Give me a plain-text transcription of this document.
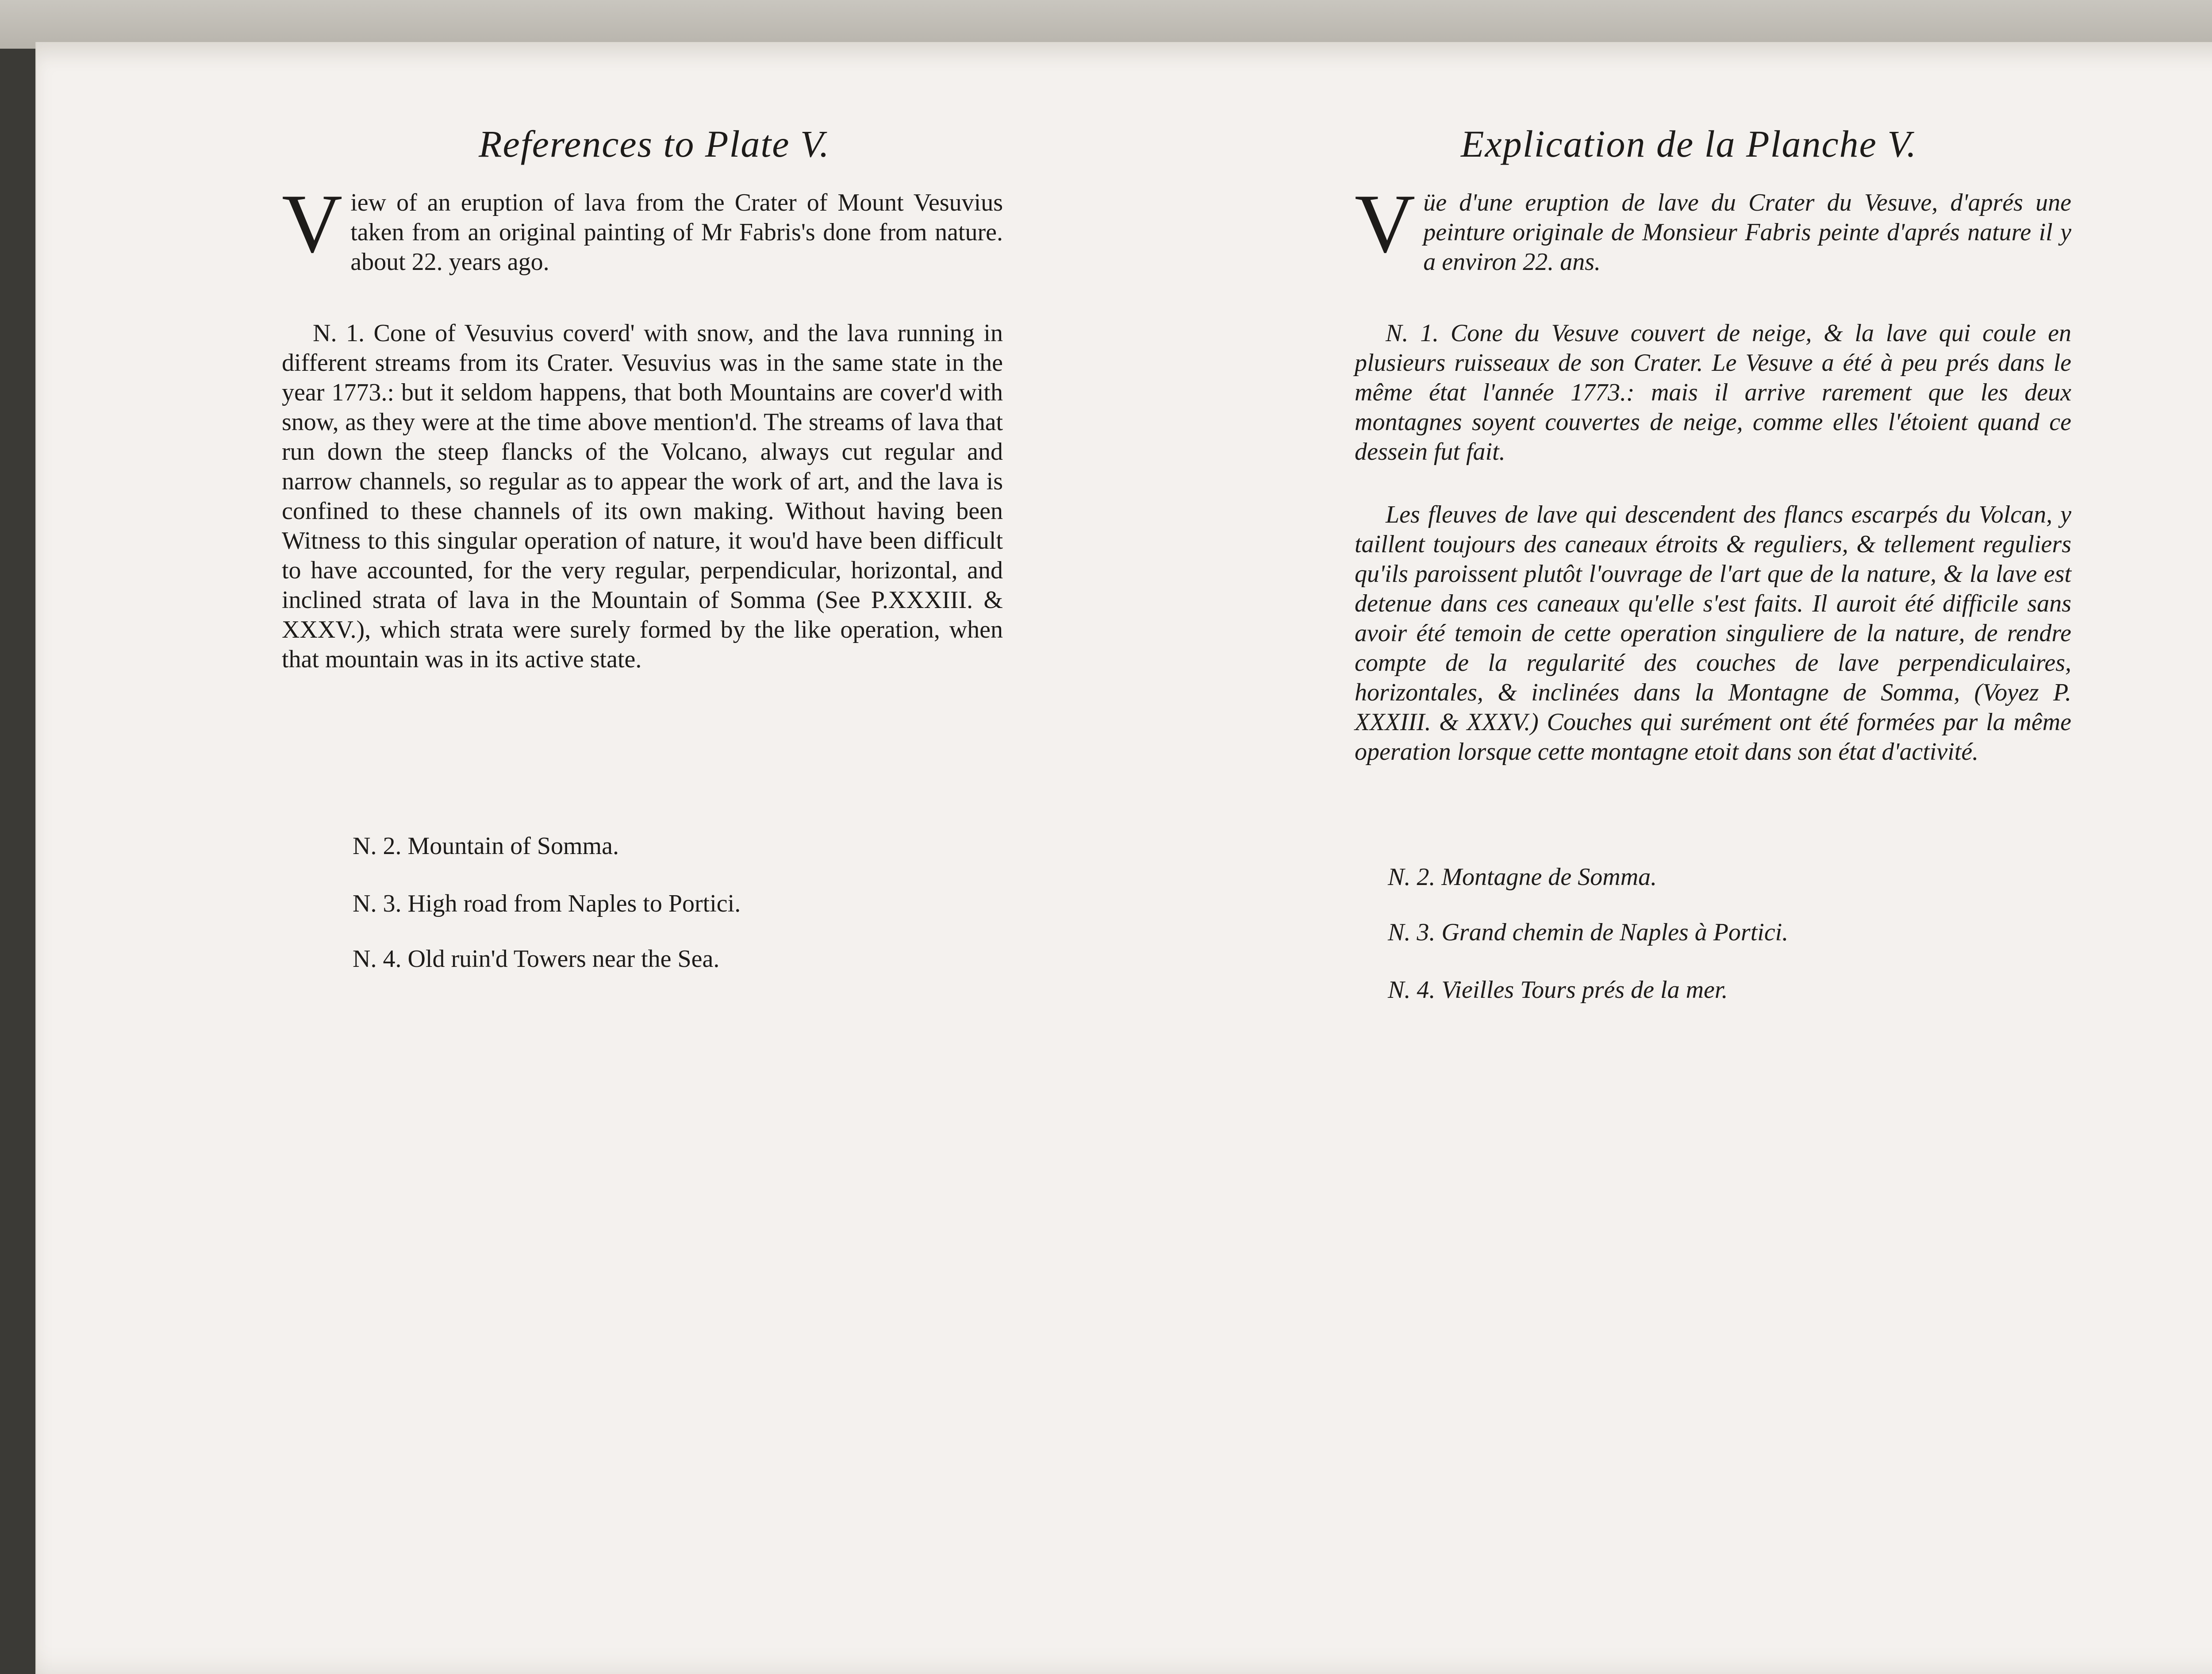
References to Plate V.
V iew of an eruption of lava from the Crater of Mount Vesuvius taken from an original painting of Mr Fabris's done from nature. about 22. years ago.
N. 1. Cone of Vesuvius coverd' with snow, and the lava running in different streams from its Crater. Vesuvius was in the same state in the year 1773.: but it seldom happens, that both Mountains are cover'd with snow, as they were at the time above mention'd. The streams of lava that run down the steep flancks of the Volcano, always cut regular and narrow channels, so regular as to appear the work of art, and the lava is confined to these channels of its own making. Without having been Witness to this singular operation of nature, it wou'd have been difficult to have accounted, for the very regular, perpendicular, horizontal, and inclined strata of lava in the Mountain of Somma (See P.XXXIII. & XXXV.), which strata were surely formed by the like operation, when that mountain was in its active state.
N. 2. Mountain of Somma.
N. 3. High road from Naples to Portici.
N. 4. Old ruin'd Towers near the Sea.
Explication de la Planche V.
V üe d'une eruption de lave du Crater du Vesuve, d'aprés une peinture originale de Monsieur Fabris peinte d'aprés nature il y a environ 22. ans.
N. 1. Cone du Vesuve couvert de neige, & la lave qui coule en plusieurs ruisseaux de son Crater. Le Vesuve a été à peu prés dans le même état l'année 1773.: mais il arrive rarement que les deux montagnes soyent couvertes de neige, comme elles l'étoient quand ce dessein fut fait.
Les fleuves de lave qui descendent des flancs escarpés du Volcan, y taillent toujours des caneaux étroits & reguliers, & tellement reguliers qu'ils paroissent plutôt l'ouvrage de l'art que de la nature, & la lave est detenue dans ces caneaux qu'elle s'est faits. Il auroit été difficile sans avoir été temoin de cette operation singuliere de la nature, de rendre compte de la regularité des couches de lave perpendiculaires, horizontales, & inclinées dans la Montagne de Somma, (Voyez P. XXXIII. & XXXV.) Couches qui surément ont été formées par la même operation lorsque cette montagne etoit dans son état d'activité.
N. 2. Montagne de Somma.
N. 3. Grand chemin de Naples à Portici.
N. 4. Vieilles Tours prés de la mer.
